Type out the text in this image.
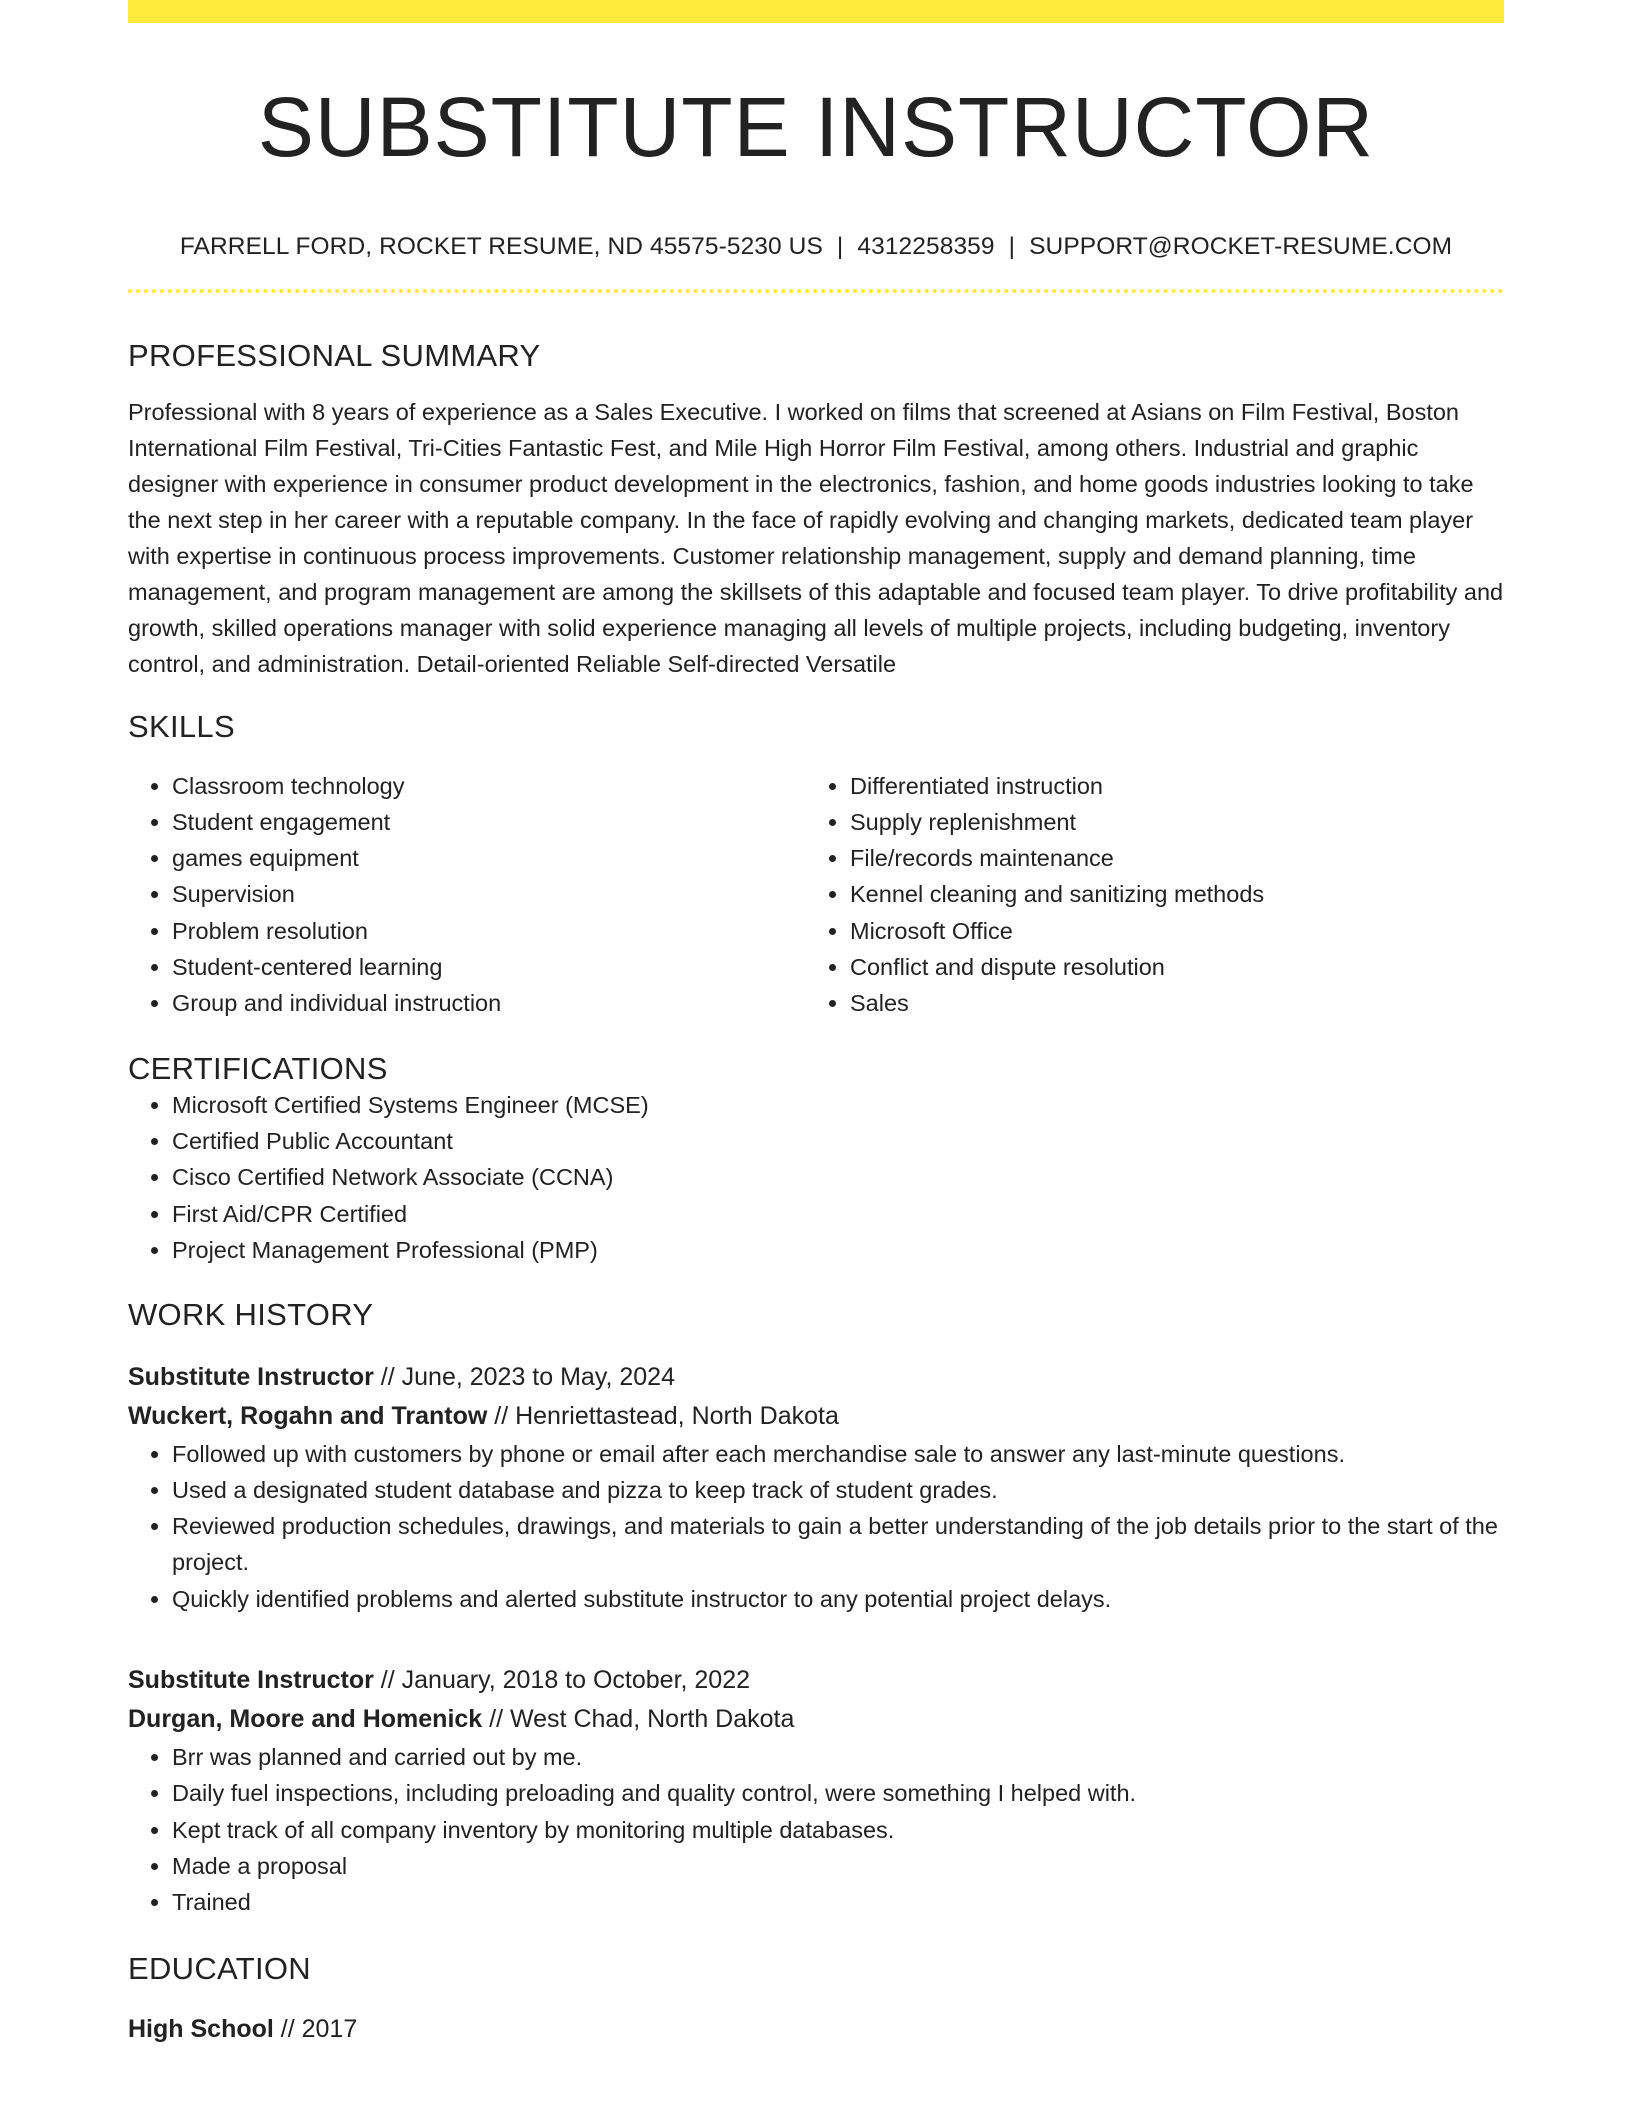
SUBSTITUTE INSTRUCTOR
FARRELL FORD, ROCKET RESUME, ND 45575-5230 US | 4312258359 | SUPPORT@ROCKET-RESUME.COM
PROFESSIONAL SUMMARY

Professional with 8 years of experience as a Sales Executive. I worked on films that screened at Asians on Film Festival, Boston International Film Festival, Tri-Cities Fantastic Fest, and Mile High Horror Film Festival, among others. Industrial and graphic designer with experience in consumer product development in the electronics, fashion, and home goods industries looking to take the next step in her career with a reputable company. In the face of rapidly evolving and changing markets, dedicated team player with expertise in continuous process improvements. Customer relationship management, supply and demand planning, time management, and program management are among the skillsets of this adaptable and focused team player. To drive profitability and growth, skilled operations manager with solid experience managing all levels of multiple projects, including budgeting, inventory control, and administration. Detail-oriented Reliable Self-directed Versatile

SKILLS
• Classroom technology
• Student engagement
• games equipment
• Supervision
• Problem resolution
• Student-centered learning
• Group and individual instruction
• Differentiated instruction
• Supply replenishment
• File/records maintenance
• Kennel cleaning and sanitizing methods
• Microsoft Office
• Conflict and dispute resolution
• Sales
CERTIFICATIONS
• Microsoft Certified Systems Engineer (MCSE)
• Certified Public Accountant
• Cisco Certified Network Associate (CCNA)
• First Aid/CPR Certified
• Project Management Professional (PMP)
WORK HISTORY
Substitute Instructor // June, 2023 to May, 2024
Wuckert, Rogahn and Trantow // Henriettastead, North Dakota
• Followed up with customers by phone or email after each merchandise sale to answer any last-minute questions.
• Used a designated student database and pizza to keep track of student grades.
• Reviewed production schedules, drawings, and materials to gain a better understanding of the job details prior to the start of the project.
• Quickly identified problems and alerted substitute instructor to any potential project delays.
Substitute Instructor // January, 2018 to October, 2022
Durgan, Moore and Homenick // West Chad, North Dakota
• Brr was planned and carried out by me.
• Daily fuel inspections, including preloading and quality control, were something I helped with.
• Kept track of all company inventory by monitoring multiple databases.
• Made a proposal
• Trained
EDUCATION
High School // 2017
